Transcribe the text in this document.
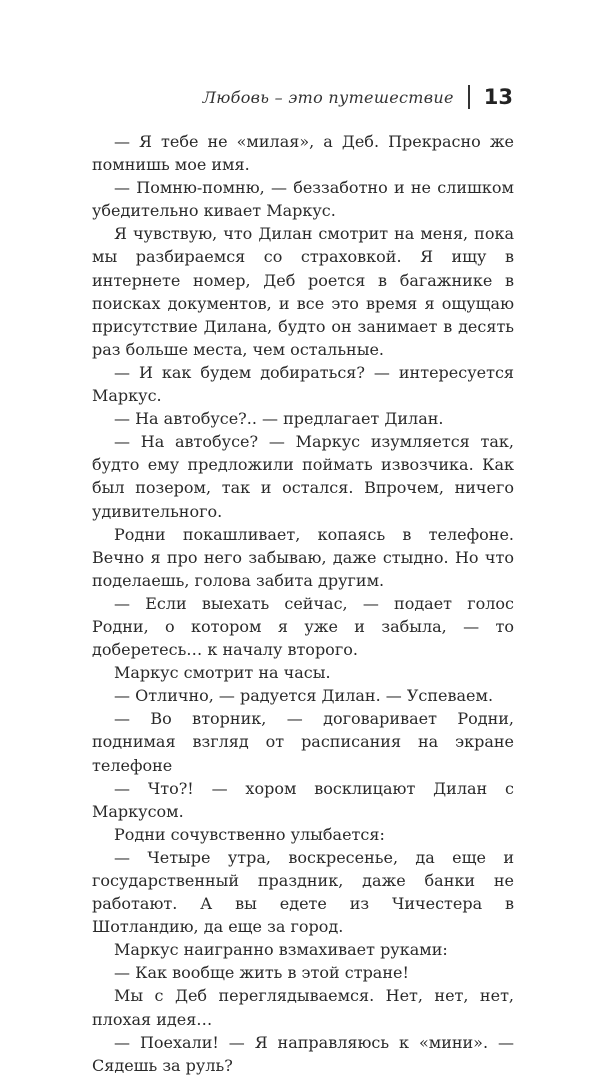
Любовь – это путешествие 13

— Я тебе не «милая», а Деб. Прекрасно же помнишь мое имя.

— Помню-помню, — беззаботно и не слишком убедительно кивает Маркус.

Я чувствую, что Дилан смотрит на меня, пока мы разбираемся со страховкой. Я ищу в интернете номер, Деб роется в багажнике в поисках документов, и все это время я ощущаю присутствие Дилана, будто он занимает в десять раз больше места, чем остальные.

— И как будем добираться? — интересуется Маркус.

— На автобусе?.. — предлагает Дилан.

— На автобусе? — Маркус изумляется так, будто ему предложили поймать извозчика. Как был позером, так и остался. Впрочем, ничего удивительного.

Родни покашливает, копаясь в телефоне. Вечно я про него забываю, даже стыдно. Но что поделаешь, голова забита другим.

— Если выехать сейчас, — подает голос Родни, о котором я уже и забыла, — то доберетесь… к началу второго.

Маркус смотрит на часы.

— Отлично, — радуется Дилан. — Успеваем.

— Во вторник, — договаривает Родни, поднимая взгляд от расписания на экране телефоне

— Что?! — хором восклицают Дилан с Маркусом.

Родни сочувственно улыбается:

— Четыре утра, воскресенье, да еще и государственный праздник, даже банки не работают. А вы едете из Чичестера в Шотландию, да еще за город.

Маркус наигранно взмахивает руками:

— Как вообще жить в этой стране!

Мы с Деб переглядываемся. Нет, нет, нет, плохая идея…

— Поехали! — Я направляюсь к «мини». — Сядешь за руль?
